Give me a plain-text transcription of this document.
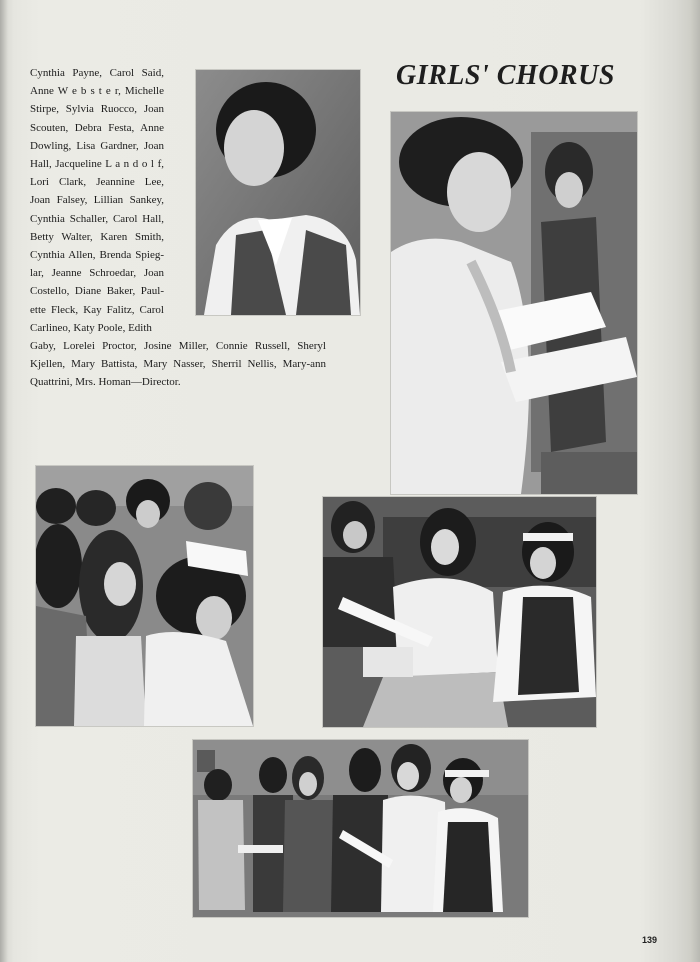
Cynthia Payne, Carol Said, Anne W e b s t e r, Michelle Stirpe, Sylvia Ruocco, Joan Scouten, Debra Festa, Anne Dowling, Lisa Gardner, Joan Hall, Jacqueline L a n d o l f, Lori Clark, Jeannine Lee, Joan Falsey, Lillian Sankey, Cynthia Schaller, Carol Hall, Betty Walter, Karen Smith, Cynthia Allen, Brenda Spieg-lar, Jeanne Schroedar, Joan Costello, Diane Baker, Paul-ette Fleck, Kay Falitz, Carol Carlineo, Katy Poole, Edith
Gaby, Lorelei Proctor, Josine Miller, Connie Russell, Sheryl Kjellen, Mary Battista, Mary Nasser, Sherril Nellis, Mary-ann Quattrini, Mrs. Homan—Director.
GIRLS' CHORUS
139
